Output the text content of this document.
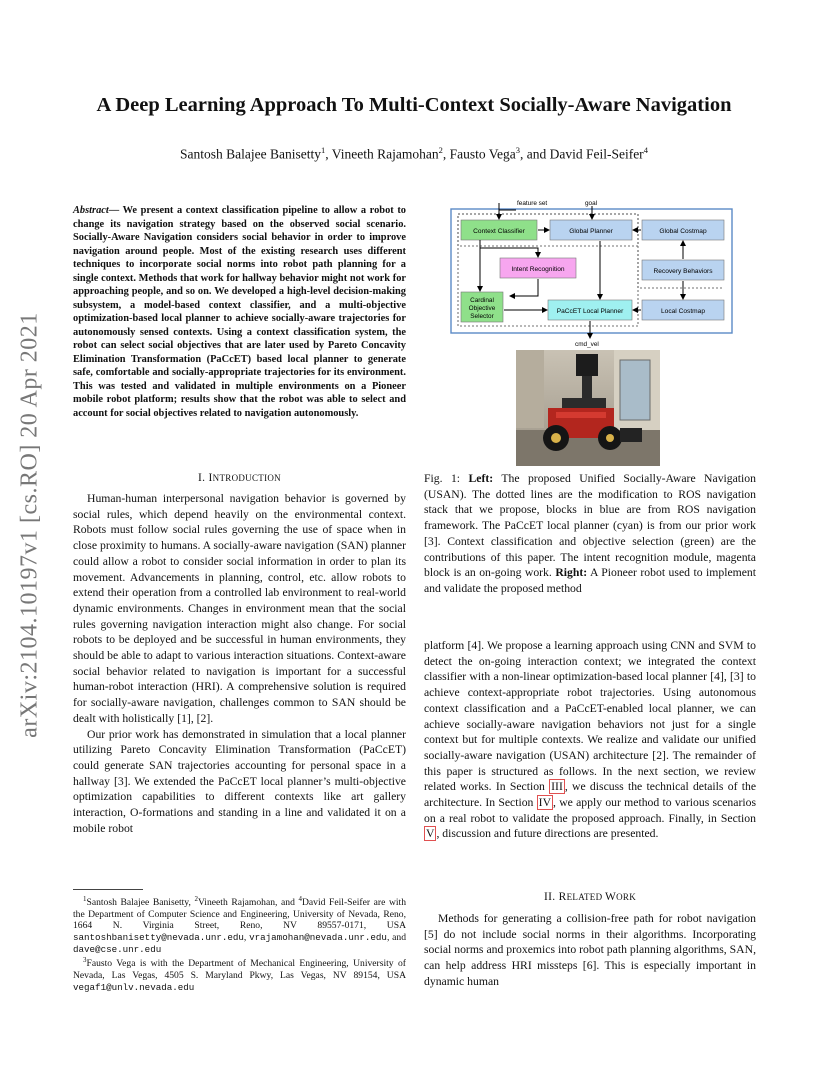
arXiv:2104.10197v1 [cs.RO] 20 Apr 2021
A Deep Learning Approach To Multi-Context Socially-Aware Navigation
Santosh Balajee Banisetty$^1$, Vineeth Rajamohan$^2$, Fausto Vega$^3$, and David Feil-Seifer$^4$
Abstract— We present a context classification pipeline to allow a robot to change its navigation strategy based on the observed social scenario. Socially-Aware Navigation considers social behavior in order to improve navigation around people. Most of the existing research uses different techniques to incorporate social norms into robot path planning for a single context. Methods that work for hallway behavior might not work for approaching people, and so on. We developed a high-level decision-making subsystem, a model-based context classifier, and a multi-objective optimization-based local planner to achieve socially-aware trajectories for autonomously sensed contexts. Using a context classification system, the robot can select social objectives that are later used by Pareto Concavity Elimination Transformation (PaCcET) based local planner to generate safe, comfortable and socially-appropriate trajectories for its environment. This was tested and validated in multiple environments on a Pioneer mobile robot platform; results show that the robot was able to select and account for social objectives related to navigation autonomously.
I. INTRODUCTION

Human-human interpersonal navigation behavior is governed by social rules, which depend heavily on the environmental context. Robots must follow social rules governing the use of space when in close proximity to humans. A socially-aware navigation (SAN) planner could allow a robot to consider social information in order to plan its movement. Advancements in planning, control, etc. allow robots to extend their operation from a controlled lab environment to real-world dynamic environments. Changes in environment mean that the social rules governing navigation interaction might also change. For social robots to be deployed and be successful in human environments, they should be able to adapt to various interaction situations. Context-aware social behavior related to navigation is important for a successful human-robot interaction (HRI). A comprehensive solution is required for socially-aware navigation, challenges common to SAN should be dealt with holistically [1], [2].

Our prior work has demonstrated in simulation that a local planner utilizing Pareto Concavity Elimination Transformation (PaCcET) could generate SAN trajectories accounting for personal space in a hallway [3]. We extended the PaCcET local planner’s multi-objective optimization capabilities to different contexts like art gallery interaction, O-formations and standing in a line and validated it on a mobile robot

$^1$Santosh Balajee Banisetty, $^2$Vineeth Rajamohan, and $^4$David Feil-Seifer are with the Department of Computer Science and Engineering, University of Nevada, Reno, 1664 N. Virginia Street, Reno, NV 89557-0171, USA santoshbanisetty@nevada.unr.edu, vrajamohan@nevada.unr.edu, and dave@cse.unr.edu

$^3$Fausto Vega is with the Department of Mechanical Engineering, University of Nevada, Las Vegas, 4505 S. Maryland Pkwy, Las Vegas, NV 89154, USA vegaf1@unlv.nevada.edu

Context Classifier	Global Planner	Global Costmap
Intent Recognition	Recovery Behaviors
Cardinal
Objective
Selector
PaCcET Local Planner	Local Costmap
feature set	goal
cmd_vel

Fig. 1: Left: The proposed Unified Socially-Aware Navigation (USAN). The dotted lines are the modification to ROS navigation stack that we propose, blocks in blue are from ROS navigation framework. The PaCcET local planner (cyan) is from our prior work [3]. Context classification and objective selection (green) are the contributions of this paper. The intent recognition module, magenta block is an on-going work. Right: A Pioneer robot used to implement and validate the proposed method

platform [4]. We propose a learning approach using CNN and SVM to detect the on-going interaction context; we integrated the context classifier with a non-linear optimization-based local planner [4], [3] to achieve context-appropriate robot trajectories. Using autonomous context classification and a PaCcET-enabled local planner, we can achieve socially-aware navigation behaviors not just for a single context but for multiple contexts. We realize and validate our unified socially-aware navigation (USAN) architecture [2]. The remainder of this paper is structured as follows. In the next section, we review related works. In Section III , we discuss the technical details of the architecture. In Section IV , we apply our method to various scenarios on a real robot to validate the proposed approach. Finally, in Section V , discussion and future directions are presented.

II. RELATED WORK

Methods for generating a collision-free path for robot navigation [5] do not include social norms in their algorithms. Incorporating social norms and proxemics into robot path planning algorithms, SAN, can help address HRI missteps [6]. This is especially important in dynamic human
